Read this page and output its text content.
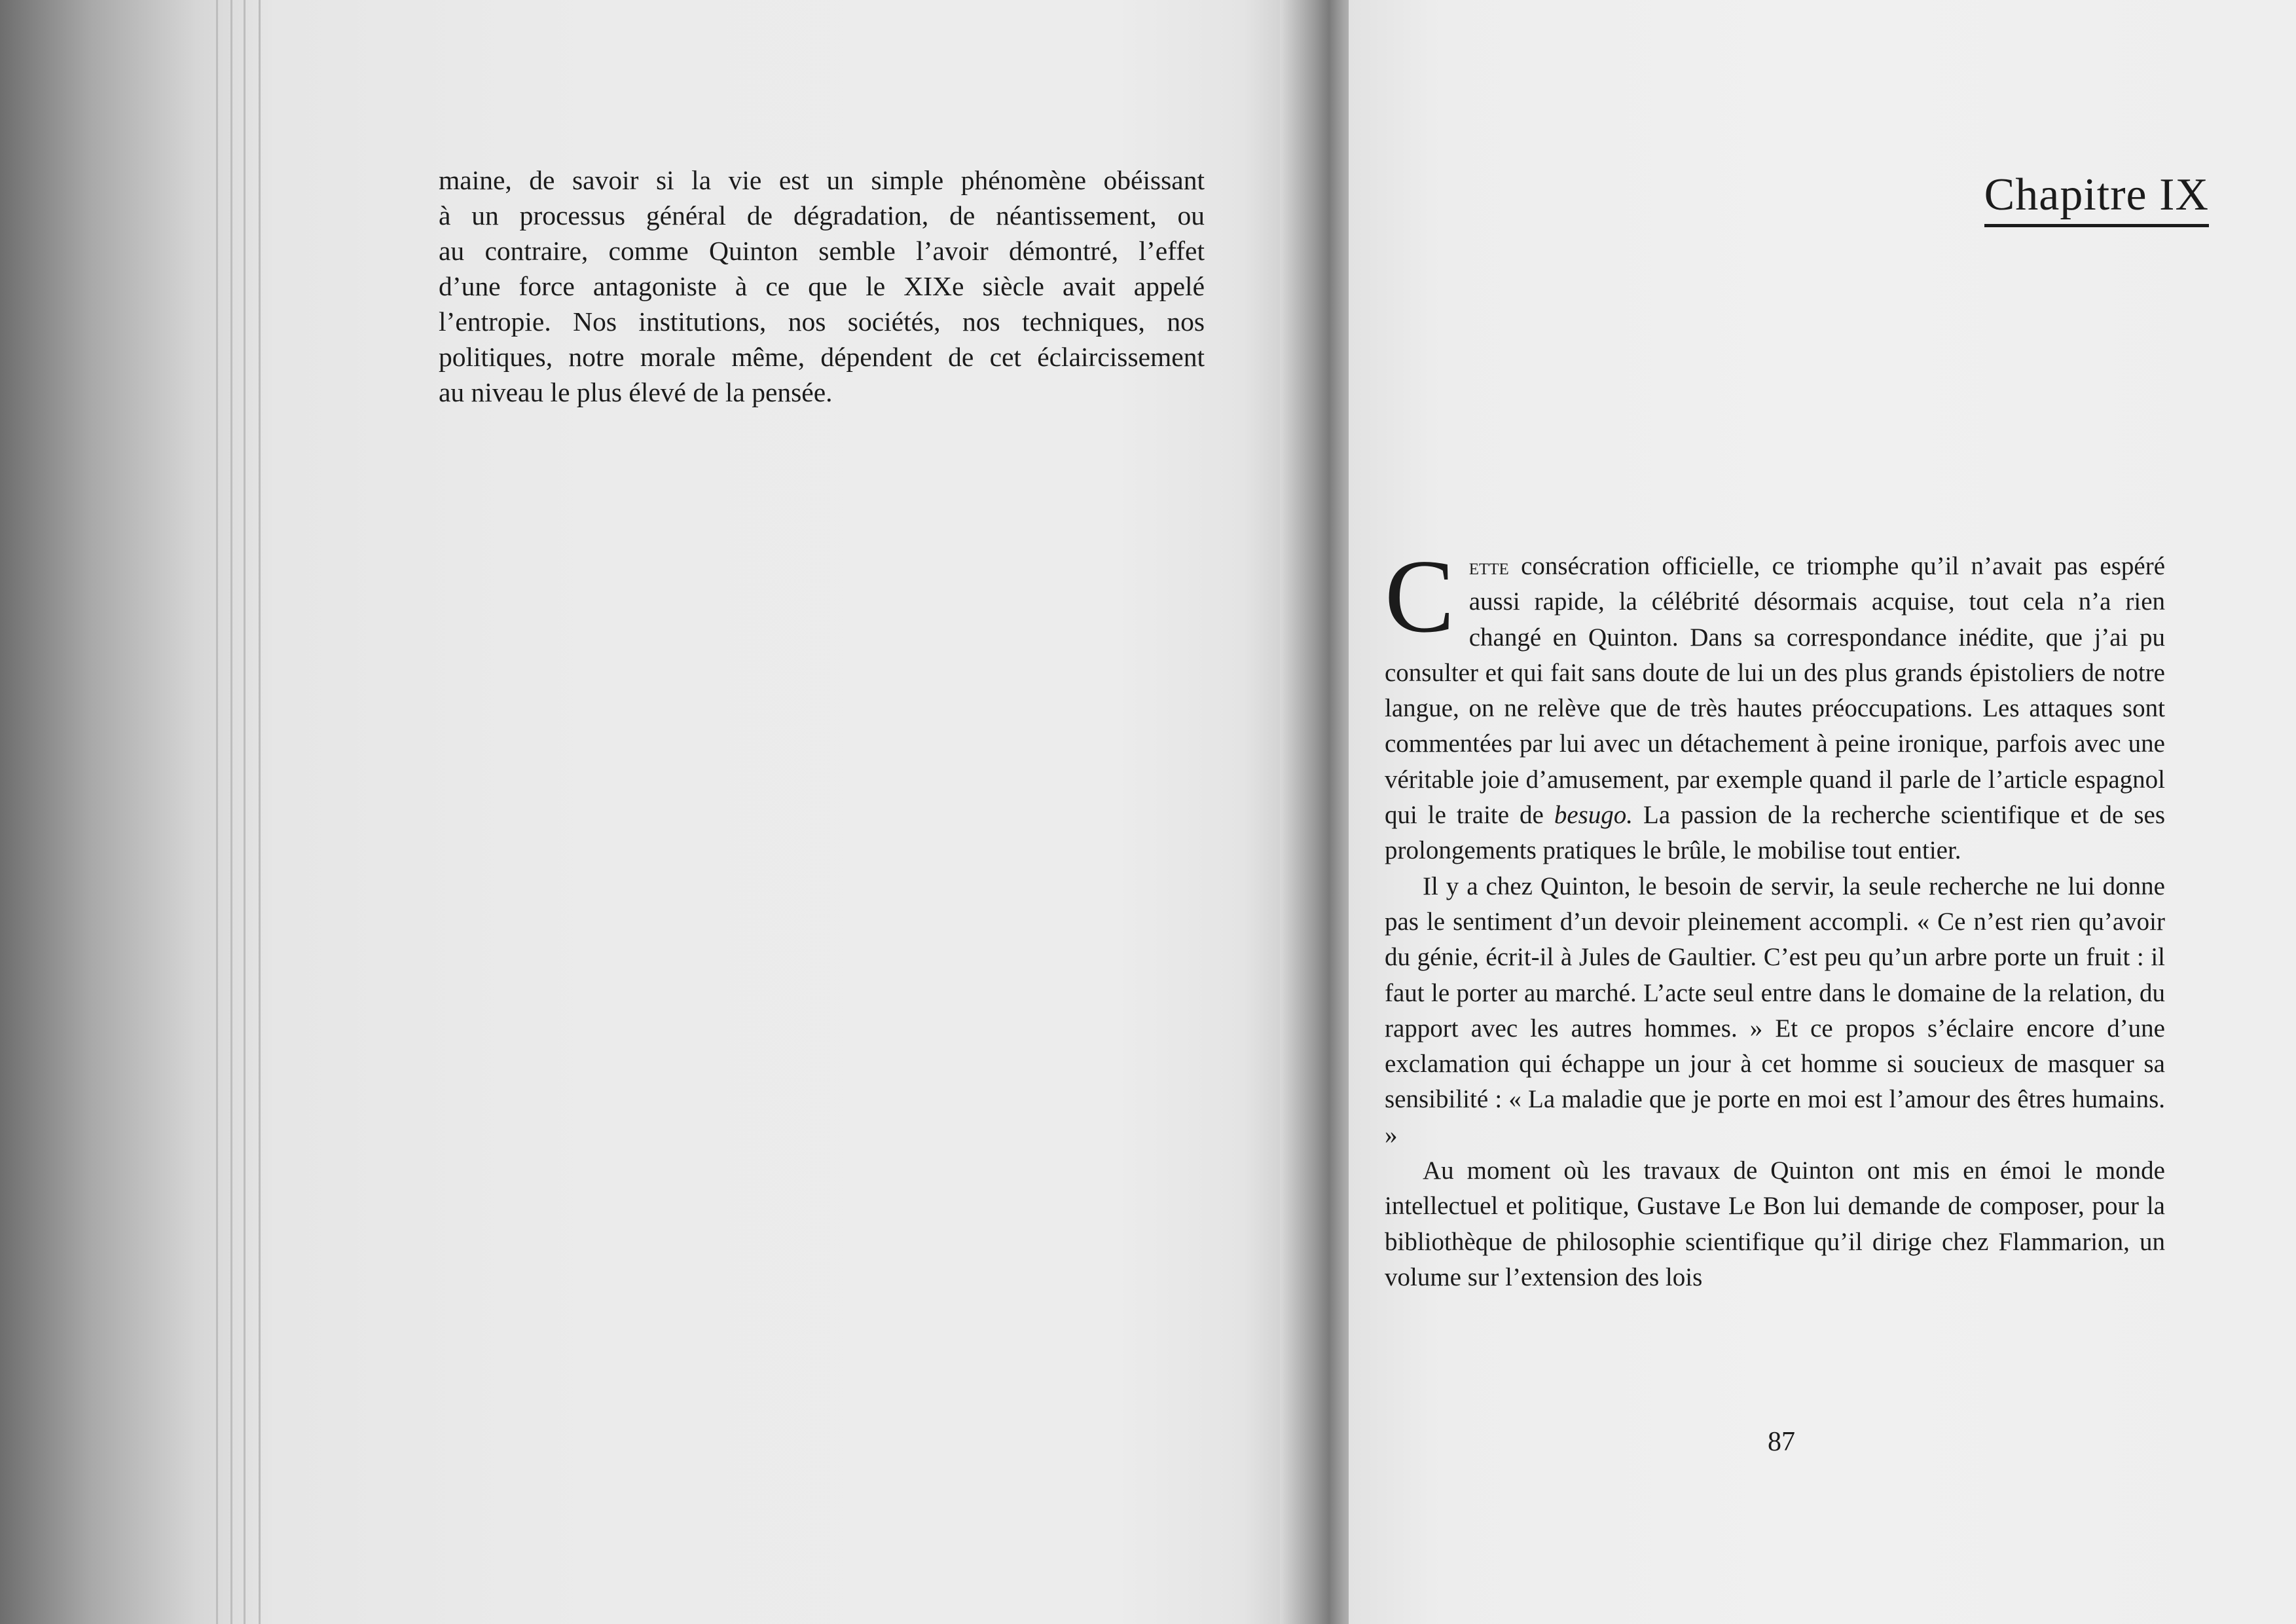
maine, de savoir si la vie est un simple phénomène obéissant
à un processus général de dégradation, de néantissement, ou
au contraire, comme Quinton semble l’avoir démontré, l’effet
d’une force antagoniste à ce que le XIXe siècle avait appelé
l’entropie. Nos institutions, nos sociétés, nos techniques, nos
politiques, notre morale même, dépendent de cet éclaircissement
au niveau le plus élevé de la pensée.
Chapitre IX

Cette consécration officielle, ce triomphe qu’il n’avait pas espéré aussi rapide, la célébrité désormais acquise, tout cela n’a rien changé en Quinton. Dans sa correspondance inédite, que j’ai pu consulter et qui fait sans doute de lui un des plus grands épistoliers de notre langue, on ne relève que de très hautes préoccupations. Les attaques sont commentées par lui avec un détachement à peine ironique, parfois avec une véritable joie d’amusement, par exemple quand il parle de l’article espagnol qui le traite de besugo. La passion de la recherche scientifique et de ses prolongements pratiques le brûle, le mobilise tout entier.

Il y a chez Quinton, le besoin de servir, la seule recherche ne lui donne pas le sentiment d’un devoir pleinement accompli. « Ce n’est rien qu’avoir du génie, écrit-il à Jules de Gaultier. C’est peu qu’un arbre porte un fruit : il faut le porter au marché. L’acte seul entre dans le domaine de la relation, du rapport avec les autres hommes. » Et ce propos s’éclaire encore d’une exclamation qui échappe un jour à cet homme si soucieux de masquer sa sensibilité : « La maladie que je porte en moi est l’amour des êtres humains. »

Au moment où les travaux de Quinton ont mis en émoi le monde intellectuel et politique, Gustave Le Bon lui demande de composer, pour la bibliothèque de philosophie scientifique qu’il dirige chez Flammarion, un volume sur l’extension des lois

87
